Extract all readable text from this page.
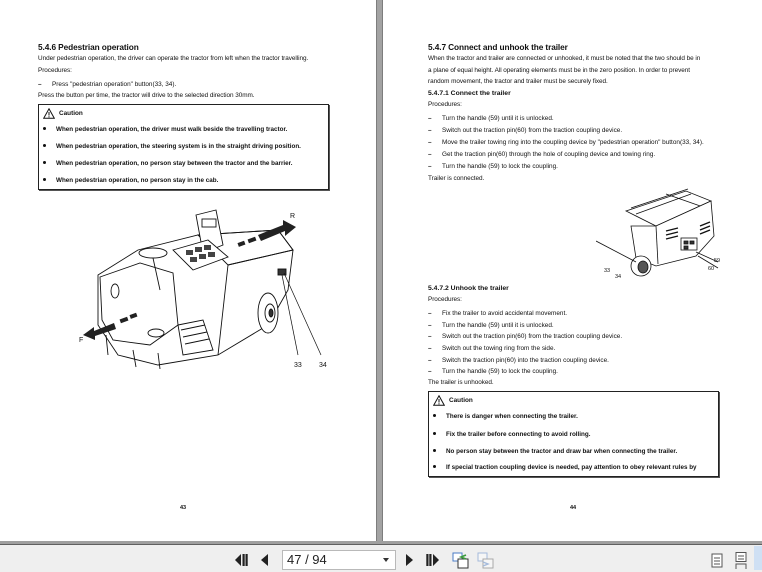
5.4.6 Pedestrian operation
Under pedestrian operation, the driver can operate the tractor from left when the tractor travelling.
Procedures:
– Press "pedestrian operation" button(33, 34).
Press the button per time, the tractor will drive to the selected direction 30mm.
Caution
When pedestrian operation, the driver must walk beside the travelling tractor.
When pedestrian operation, the steering system is in the straight driving position.
When pedestrian operation, no person stay between the tractor and the barrier.
When pedestrian operation, no person stay in the cab.
R
F
33 34
43
5.4.7 Connect and unhook the trailer
When the tractor and trailer are connected or unhooked, it must be noted that the two should be in
a plane of equal height. All operating elements must be in the zero position. In order to prevent
random movement, the tractor and trailer must be securely fixed.
5.4.7.1 Connect the trailer
Procedures:
– Turn the handle (59) until it is unlocked.
– Switch out the traction pin(60) from the traction coupling device.
– Move the trailer towing ring into the coupling device by "pedestrian operation" button(33, 34).
– Get the traction pin(60) through the hole of coupling device and towing ring.
– Turn the handle (59) to lock the coupling.
Trailer is connected.
33
34
59
60
5.4.7.2 Unhook the trailer
Procedures:
– Fix the trailer to avoid accidental movement.
– Turn the handle (59) until it is unlocked.
– Switch out the traction pin(60) from the traction coupling device.
– Switch out the towing ring from the side.
– Switch the traction pin(60) into the traction coupling device.
– Turn the handle (59) to lock the coupling.
The trailer is unhooked.
Caution
There is danger when connecting the trailer.
Fix the trailer before connecting to avoid rolling.
No person stay between the tractor and draw bar when connecting the trailer.
If special traction coupling device is needed, pay attention to obey relevant rules by
44
47 / 94
